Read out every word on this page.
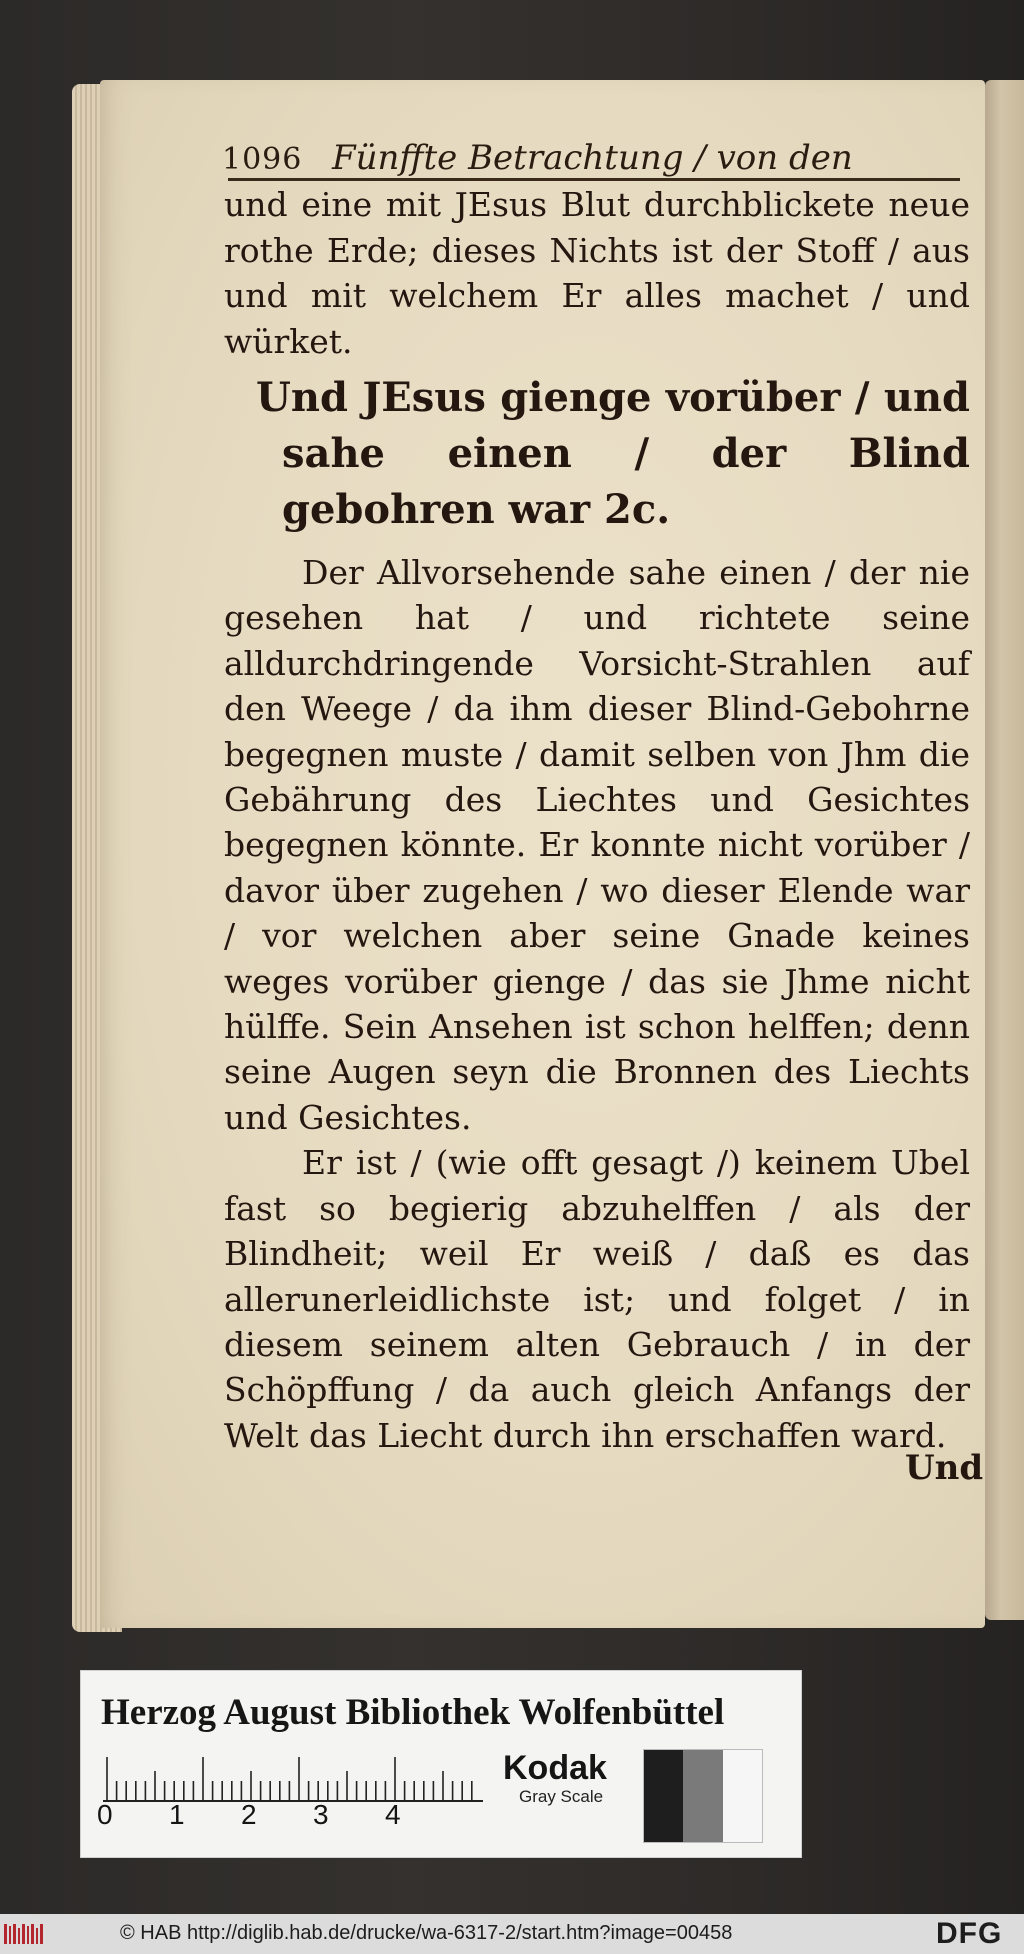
1096 Fünffte Betrachtung / von den

und eine mit JEsus Blut durchblickete neue rothe Erde; dieses Nichts ist der Stoff / aus und mit welchem Er alles machet / und würket.

Und JEsus gienge vorüber / und sahe einen / der Blind gebohren war 2c.

Der Allvorsehende sahe einen / der nie gesehen hat / und richtete seine alldurchdringende Vorsicht-Strahlen auf den Weege / da ihm dieser Blind-Gebohrne begegnen muste / damit selben von Jhm die Gebährung des Liechtes und Gesichtes begegnen könnte. Er konnte nicht vorüber / davor über zugehen / wo dieser Elende war / vor welchen aber seine Gnade keines weges vorüber gienge / das sie Jhme nicht hülffe. Sein Ansehen ist schon helffen; denn seine Augen seyn die Bronnen des Liechts und Gesichtes.

Er ist / (wie offt gesagt /) keinem Ubel fast so begierig abzuhelffen / als der Blindheit; weil Er weiß / daß es das allerunerleidlichste ist; und folget / in diesem seinem alten Gebrauch / in der Schöpffung / da auch gleich Anfangs der Welt das Liecht durch ihn erschaffen ward.

Und
Herzog August Bibliothek Wolfenbüttel
0 1 2 3 4
Kodak
Gray Scale
© HAB http://diglib.hab.de/drucke/wa-6317-2/start.htm?image=00458	DFG
